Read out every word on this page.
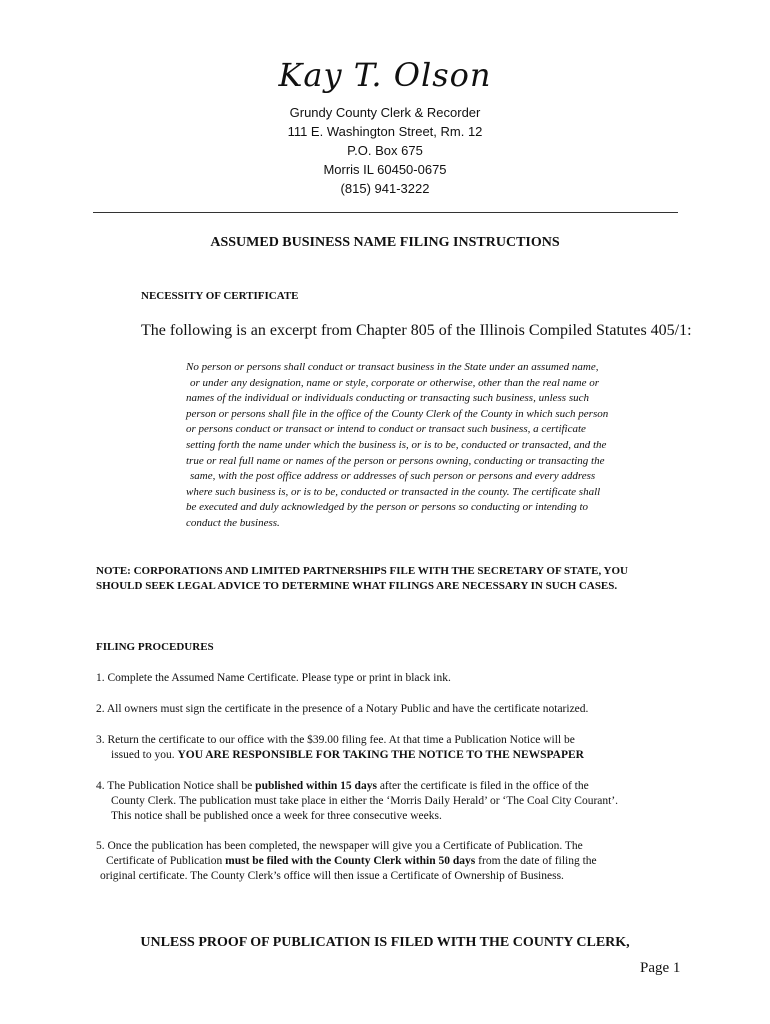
Kay T. Olson
Grundy County Clerk & Recorder
111 E. Washington Street, Rm. 12
P.O. Box 675
Morris IL 60450-0675
(815) 941-3222
ASSUMED BUSINESS NAME FILING INSTRUCTIONS
NECESSITY OF CERTIFICATE
The following is an excerpt from Chapter 805 of the Illinois Compiled Statutes 405/1:
No person or persons shall conduct or transact business in the State under an assumed name,
or under any designation, name or style, corporate or otherwise, other than the real name or
names of the individual or individuals conducting or transacting such business, unless such
person or persons shall file in the office of the County Clerk of the County in which such person
or persons conduct or transact or intend to conduct or transact such business, a certificate
setting forth the name under which the business is, or is to be, conducted or transacted, and the
true or real full name or names of the person or persons owning, conducting or transacting the
same, with the post office address or addresses of such person or persons and every address
where such business is, or is to be, conducted or transacted in the county. The certificate shall
be executed and duly acknowledged by the person or persons so conducting or intending to
conduct the business.
NOTE: CORPORATIONS AND LIMITED PARTNERSHIPS FILE WITH THE SECRETARY OF STATE, YOU
SHOULD SEEK LEGAL ADVICE TO DETERMINE WHAT FILINGS ARE NECESSARY IN SUCH CASES.
FILING PROCEDURES
1. Complete the Assumed Name Certificate. Please type or print in black ink.
2. All owners must sign the certificate in the presence of a Notary Public and have the certificate notarized.
3. Return the certificate to our office with the $39.00 filing fee. At that time a Publication Notice will be
issued to you. YOU ARE RESPONSIBLE FOR TAKING THE NOTICE TO THE NEWSPAPER
4. The Publication Notice shall be published within 15 days after the certificate is filed in the office of the
County Clerk. The publication must take place in either the ‘Morris Daily Herald’ or ‘The Coal City Courant’.
This notice shall be published once a week for three consecutive weeks.
5. Once the publication has been completed, the newspaper will give you a Certificate of Publication. The
Certificate of Publication must be filed with the County Clerk within 50 days from the date of filing the
original certificate. The County Clerk’s office will then issue a Certificate of Ownership of Business.
UNLESS PROOF OF PUBLICATION IS FILED WITH THE COUNTY CLERK,
Page 1
